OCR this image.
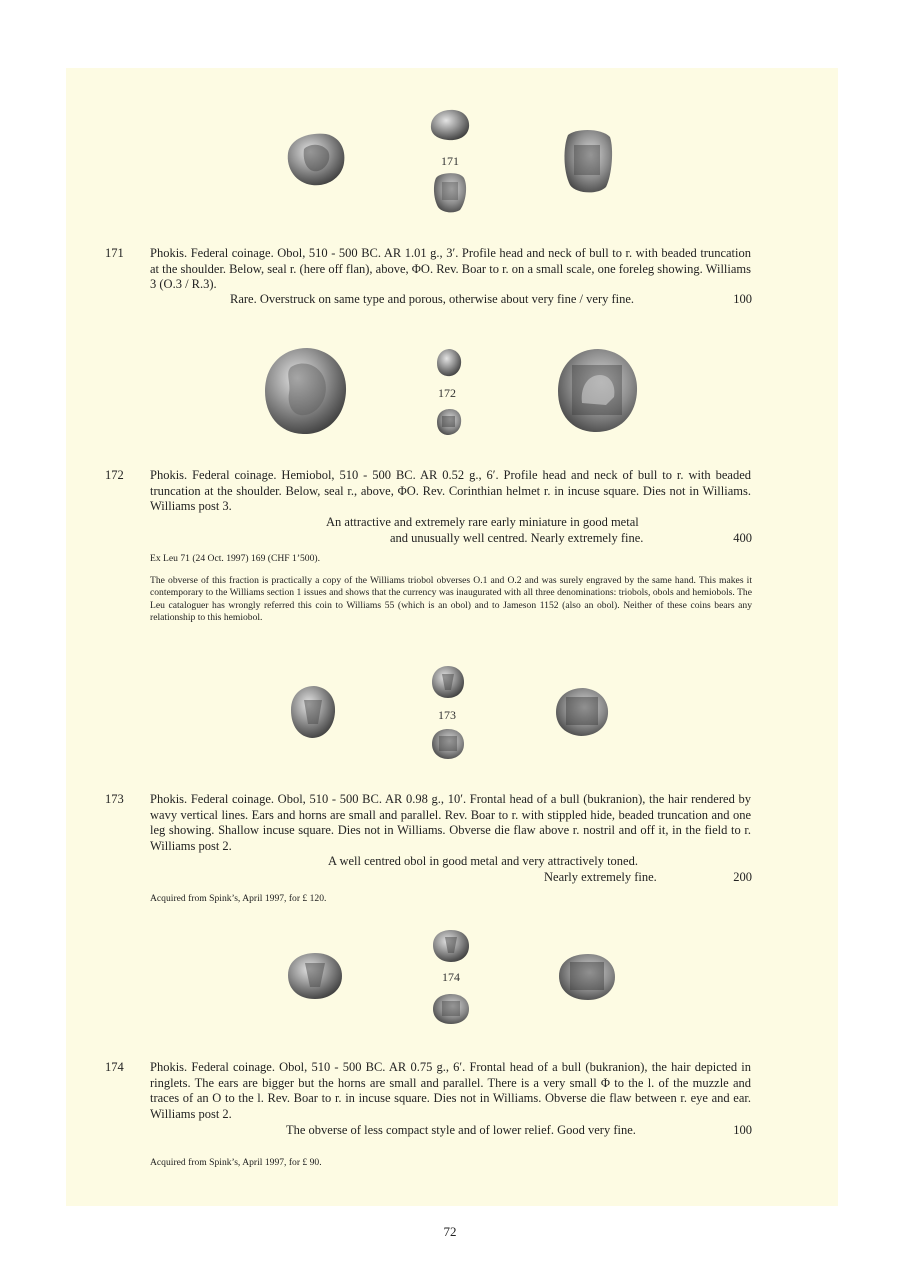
171
171 Phokis. Federal coinage. Obol, 510 - 500 BC. AR 1.01 g., 3′. Profile head and neck of bull to r. with beaded truncation at the shoulder. Below, seal r. (here off flan), above, ΦO. Rev. Boar to r. on a small scale, one foreleg showing. Williams 3 (O.3 / R.3).
Rare. Overstruck on same type and porous, otherwise about very fine / very fine.	100
172
172 Phokis. Federal coinage. Hemiobol, 510 - 500 BC. AR 0.52 g., 6′. Profile head and neck of bull to r. with beaded truncation at the shoulder. Below, seal r., above, ΦO. Rev. Corinthian helmet r. in incuse square. Dies not in Williams. Williams post 3.
An attractive and extremely rare early miniature in good metal
and unusually well centred. Nearly extremely fine.	400
Ex Leu 71 (24 Oct. 1997) 169 (CHF 1’500).
The obverse of this fraction is practically a copy of the Williams triobol obverses O.1 and O.2 and was surely engraved by the same hand. This makes it contemporary to the Williams section 1 issues and shows that the currency was inaugurated with all three denominations: triobols, obols and hemiobols. The Leu cataloguer has wrongly referred this coin to Williams 55 (which is an obol) and to Jameson 1152 (also an obol). Neither of these coins bears any relationship to this hemiobol.
173
173 Phokis. Federal coinage. Obol, 510 - 500 BC. AR 0.98 g., 10′. Frontal head of a bull (bukranion), the hair rendered by wavy vertical lines. Ears and horns are small and parallel. Rev. Boar to r. with stippled hide, beaded truncation and one leg showing. Shallow incuse square. Dies not in Williams. Obverse die flaw above r. nostril and off it, in the field to r. Williams post 2.
A well centred obol in good metal and very attractively toned.
Nearly extremely fine.	200
Acquired from Spink’s, April 1997, for £ 120.
174
174 Phokis. Federal coinage. Obol, 510 - 500 BC. AR 0.75 g., 6′. Frontal head of a bull (bukranion), the hair depicted in ringlets. The ears are bigger but the horns are small and parallel. There is a very small Φ to the l. of the muzzle and traces of an O to the l. Rev. Boar to r. in incuse square. Dies not in Williams. Obverse die flaw between r. eye and ear. Williams post 2.
The obverse of less compact style and of lower relief. Good very fine.	100
Acquired from Spink’s, April 1997, for £ 90.
72
